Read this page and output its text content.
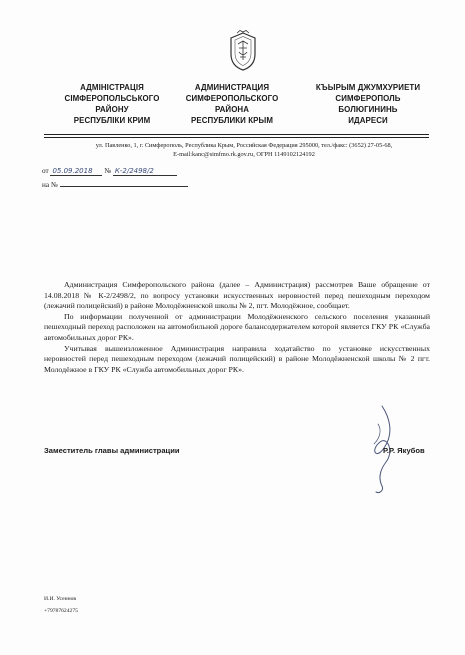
АДМІНІСТРАЦІЯ
СІМФЕРОПОЛЬСЬКОГО
РАЙОНУ
РЕСПУБЛІКИ КРИМ
АДМИНИСТРАЦИЯ
СИМФЕРОПОЛЬСКОГО
РАЙОНА
РЕСПУБЛИКИ КРЫМ
КЪЫРЫМ ДЖУМХУРИЕТИ
СИМФЕРОПОЛЬ
БОЛЮГИНИНЬ
ИДАРЕСИ
ул. Павленко, 1, г. Симферополь, Республика Крым, Российская Федерация 295000, тел./факс: (3652) 27-05-68,
E-mail:kanc@simfmo.rk.gov.ru, ОГРН 1149102124192
от 05.09.2018 № К-2/2498/2
на №

Администрация Симферопольского района (далее – Администрация) рассмотрев Ваше обращение от 14.08.2018 № К-2/2498/2, по вопросу установки искусственных неровностей перед пешеходным переходом (лежачий полицейский) в районе Молодёжненской школы № 2, пгт. Молодёжное, сообщает.

По информации полученной от администрации Молодёжненского сельского поселения указанный пешеходный переход расположен на автомобильной дороге балансодержателем которой является ГКУ РК «Служба автомобильных дорог РК».

Учитывая вышеизложенное Администрация направила ходатайство по установке искусственных неровностей перед пешеходным переходом (лежачий полицейский) в районе Молодёжненской школы № 2 пгт. Молодёжное в ГКУ РК «Служба автомобильных дорог РК».

Заместитель главы администрации	Р.Р. Якубов
И.И. Усеинов
+79787624275
